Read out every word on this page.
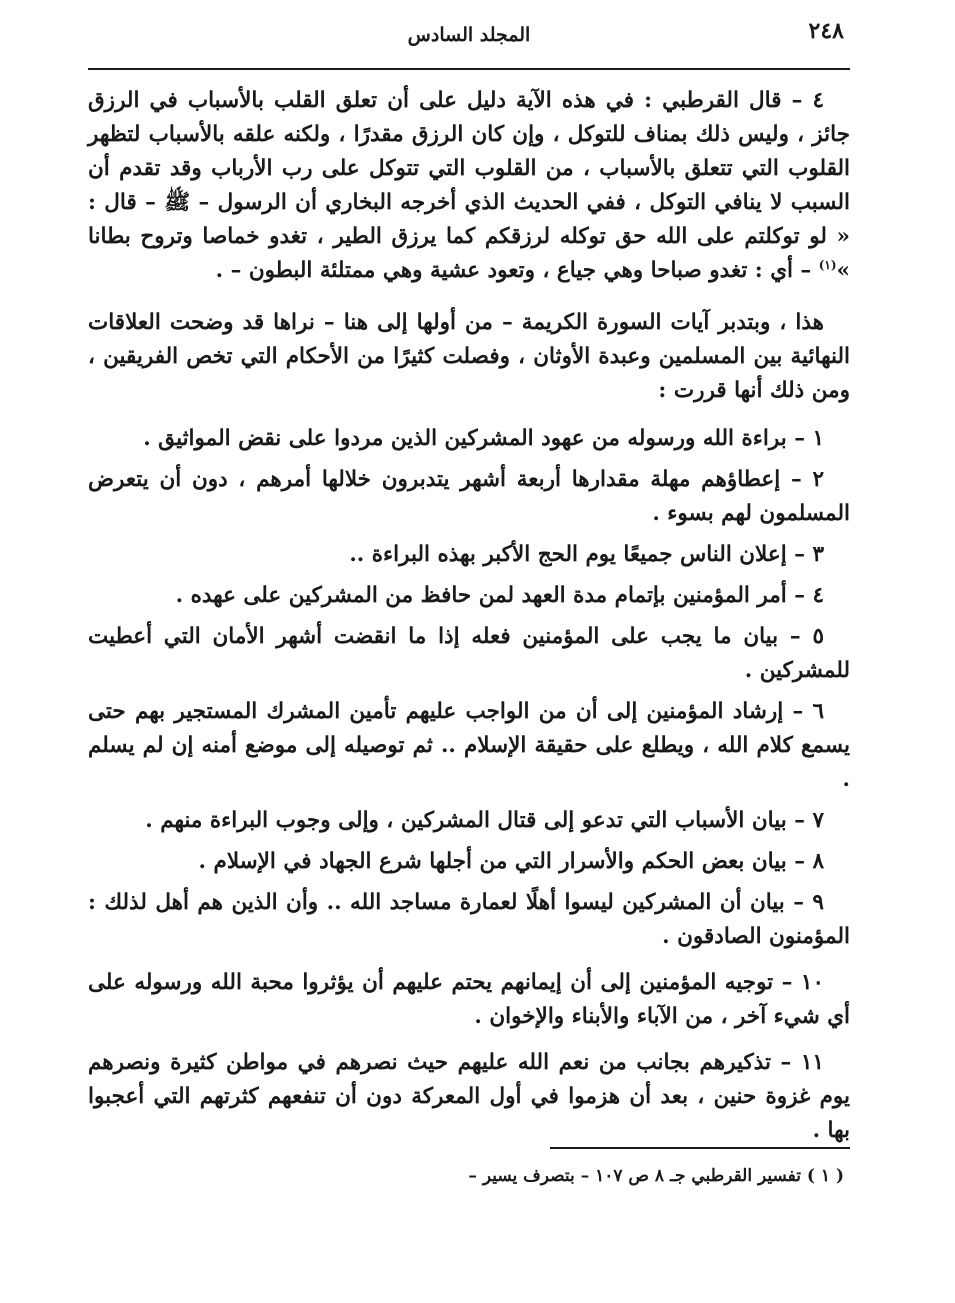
٢٤٨
المجلد السادس

٤ – قال القرطبي : في هذه الآية دليل على أن تعلق القلب بالأسباب في الرزق جائز ، وليس ذلك بمناف للتوكل ، وإن كان الرزق مقدرًا ، ولكنه علقه بالأسباب لتظهر القلوب التي تتعلق بالأسباب ، من القلوب التي تتوكل على رب الأرباب وقد تقدم أن السبب لا ينافي التوكل ، ففي الحديث الذي أخرجه البخاري أن الرسول – ﷺ – قال : « لو توكلتم على الله حق توكله لرزقكم كما يرزق الطير ، تغدو خماصا وتروح بطانا »$^{(١)}$ – أي : تغدو صباحا وهي جياع ، وتعود عشية وهي ممتلئة البطون – .

هذا ، وبتدبر آيات السورة الكريمة – من أولها إلى هنا – نراها قد وضحت العلاقات النهائية بين المسلمين وعبدة الأوثان ، وفصلت كثيرًا من الأحكام التي تخص الفريقين ، ومن ذلك أنها قررت :

١ – براءة الله ورسوله من عهود المشركين الذين مردوا على نقض المواثيق .

٢ – إعطاؤهم مهلة مقدارها أربعة أشهر يتدبرون خلالها أمرهم ، دون أن يتعرض المسلمون لهم بسوء .

٣ – إعلان الناس جميعًا يوم الحج الأكبر بهذه البراءة ..

٤ – أمر المؤمنين بإتمام مدة العهد لمن حافظ من المشركين على عهده .

٥ – بيان ما يجب على المؤمنين فعله إذا ما انقضت أشهر الأمان التي أعطيت للمشركين .

٦ – إرشاد المؤمنين إلى أن من الواجب عليهم تأمين المشرك المستجير بهم حتى يسمع كلام الله ، ويطلع على حقيقة الإسلام .. ثم توصيله إلى موضع أمنه إن لم يسلم .

٧ – بيان الأسباب التي تدعو إلى قتال المشركين ، وإلى وجوب البراءة منهم .

٨ – بيان بعض الحكم والأسرار التي من أجلها شرع الجهاد في الإسلام .

٩ – بيان أن المشركين ليسوا أهلًا لعمارة مساجد الله .. وأن الذين هم أهل لذلك : المؤمنون الصادقون .

١٠ – توجيه المؤمنين إلى أن إيمانهم يحتم عليهم أن يؤثروا محبة الله ورسوله على أي شيء آخر ، من الآباء والأبناء والإخوان .

١١ – تذكيرهم بجانب من نعم الله عليهم حيث نصرهم في مواطن كثيرة ونصرهم يوم غزوة حنين ، بعد أن هزموا في أول المعركة دون أن تنفعهم كثرتهم التي أعجبوا بها .

( ١ ) تفسير القرطبي جـ ٨ ص ١٠٧ – بتصرف يسير –
